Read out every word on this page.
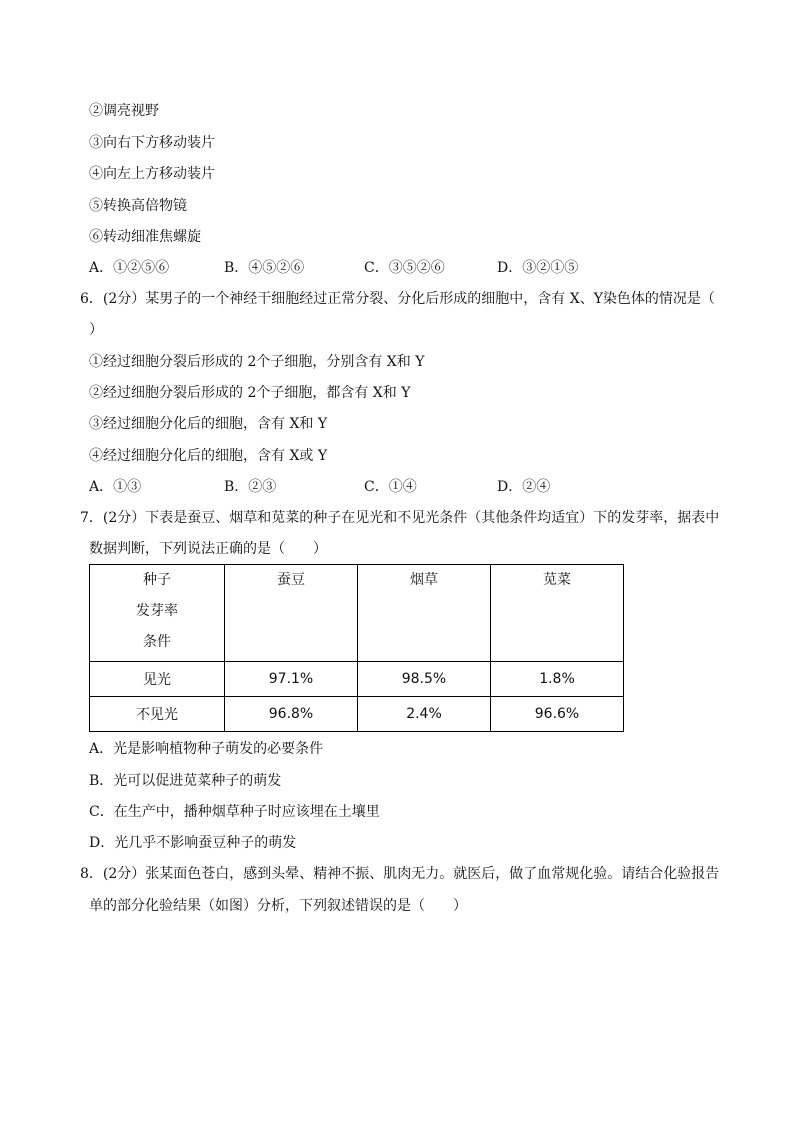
②调亮视野
③向右下方移动装片
④向左上方移动装片
⑤转换高倍物镜
⑥转动细准焦螺旋
A．①②⑤⑥	B．④⑤②⑥	C．③⑤②⑥	D．③②①⑤
6．(2分）某男子的一个神经干细胞经过正常分裂、分化后形成的细胞中，含有 X、Y染色体的情况是（
）
①经过细胞分裂后形成的 2个子细胞，分别含有 X和 Y
②经过细胞分裂后形成的 2个子细胞，都含有 X和 Y
③经过细胞分化后的细胞，含有 X和 Y
④经过细胞分化后的细胞，含有 X或 Y
A．①③	B．②③	C．①④	D．②④
7．(2分）下表是蚕豆、烟草和苋菜的种子在见光和不见光条件（其他条件均适宜）下的发芽率，据表中
数据判断，下列说法正确的是（　　）
种子
发芽率
条件	蚕豆	烟草	苋菜

见光	97.1%	98.5%	1.8%
不见光	96.8%	2.4%	96.6%
A．光是影响植物种子萌发的必要条件
B．光可以促进苋菜种子的萌发
C．在生产中，播种烟草种子时应该埋在土壤里
D．光几乎不影响蚕豆种子的萌发
8．(2分）张某面色苍白，感到头晕、精神不振、肌肉无力。就医后，做了血常规化验。请结合化验报告
单的部分化验结果（如图）分析，下列叙述错误的是（　　）
